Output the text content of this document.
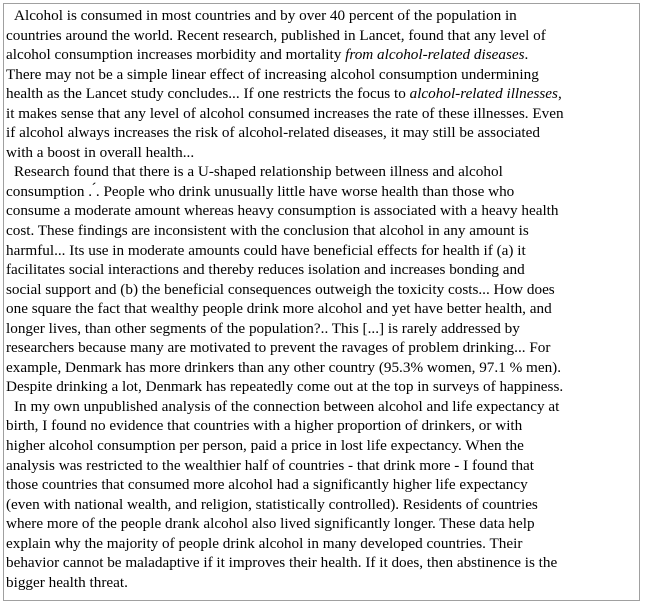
Alcohol is consumed in most countries and by over 40 percent of the population in
countries around the world. Recent research, published in Lancet, found that any level of
alcohol consumption increases morbidity and mortality from alcohol-related diseases.
There may not be a simple linear effect of increasing alcohol consumption undermining
health as the Lancet study concludes... If one restricts the focus to alcohol-related illnesses,
it makes sense that any level of alcohol consumed increases the rate of these illnesses. Even
if alcohol always increases the risk of alcohol-related diseases, it may still be associated
with a boost in overall health...
Research found that there is a U-shaped relationship between illness and alcohol
consumption . ́. People who drink unusually little have worse health than those who
consume a moderate amount whereas heavy consumption is associated with a heavy health
cost. These findings are inconsistent with the conclusion that alcohol in any amount is
harmful... Its use in moderate amounts could have beneficial effects for health if (a) it
facilitates social interactions and thereby reduces isolation and increases bonding and
social support and (b) the beneficial consequences outweigh the toxicity costs... How does
one square the fact that wealthy people drink more alcohol and yet have better health, and
longer lives, than other segments of the population?.. This [...] is rarely addressed by
researchers because many are motivated to prevent the ravages of problem drinking... For
example, Denmark has more drinkers than any other country (95.3% women, 97.1 % men).
Despite drinking a lot, Denmark has repeatedly come out at the top in surveys of happiness.
In my own unpublished analysis of the connection between alcohol and life expectancy at
birth, I found no evidence that countries with a higher proportion of drinkers, or with
higher alcohol consumption per person, paid a price in lost life expectancy. When the
analysis was restricted to the wealthier half of countries - that drink more - I found that
those countries that consumed more alcohol had a significantly higher life expectancy
(even with national wealth, and religion, statistically controlled). Residents of countries
where more of the people drank alcohol also lived significantly longer. These data help
explain why the majority of people drink alcohol in many developed countries. Their
behavior cannot be maladaptive if it improves their health. If it does, then abstinence is the
bigger health threat.
